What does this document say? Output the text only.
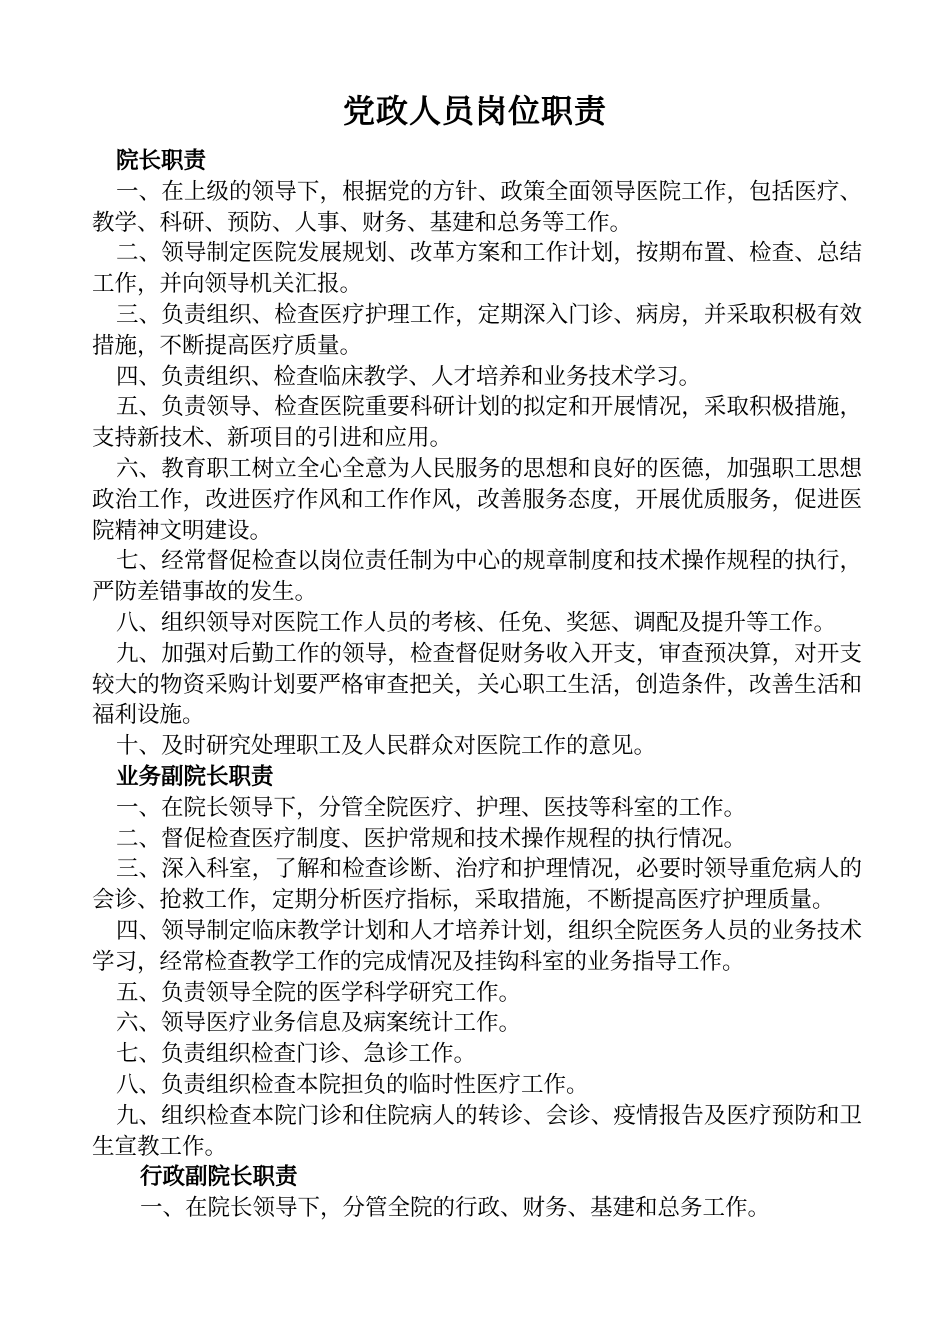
党政人员岗位职责
院长职责

一、在上级的领导下，根据党的方针、政策全面领导医院工作，包括医疗、教学、科研、预防、人事、财务、基建和总务等工作。

二、领导制定医院发展规划、改革方案和工作计划，按期布置、检查、总结工作，并向领导机关汇报。

三、负责组织、检查医疗护理工作，定期深入门诊、病房，并采取积极有效措施，不断提高医疗质量。

四、负责组织、检查临床教学、人才培养和业务技术学习。

五、负责领导、检查医院重要科研计划的拟定和开展情况，采取积极措施，支持新技术、新项目的引进和应用。

六、教育职工树立全心全意为人民服务的思想和良好的医德，加强职工思想政治工作，改进医疗作风和工作作风，改善服务态度，开展优质服务，促进医院精神文明建设。

七、经常督促检查以岗位责任制为中心的规章制度和技术操作规程的执行，严防差错事故的发生。

八、组织领导对医院工作人员的考核、任免、奖惩、调配及提升等工作。

九、加强对后勤工作的领导，检查督促财务收入开支，审查预决算，对开支较大的物资采购计划要严格审查把关，关心职工生活，创造条件，改善生活和福利设施。

十、及时研究处理职工及人民群众对医院工作的意见。

业务副院长职责

一、在院长领导下，分管全院医疗、护理、医技等科室的工作。

二、督促检查医疗制度、医护常规和技术操作规程的执行情况。

三、深入科室，了解和检查诊断、治疗和护理情况，必要时领导重危病人的会诊、抢救工作，定期分析医疗指标，采取措施，不断提高医疗护理质量。

四、领导制定临床教学计划和人才培养计划，组织全院医务人员的业务技术学习，经常检查教学工作的完成情况及挂钩科室的业务指导工作。

五、负责领导全院的医学科学研究工作。

六、领导医疗业务信息及病案统计工作。

七、负责组织检查门诊、急诊工作。

八、负责组织检查本院担负的临时性医疗工作。

九、组织检查本院门诊和住院病人的转诊、会诊、疫情报告及医疗预防和卫生宣教工作。

行政副院长职责

一、在院长领导下，分管全院的行政、财务、基建和总务工作。
